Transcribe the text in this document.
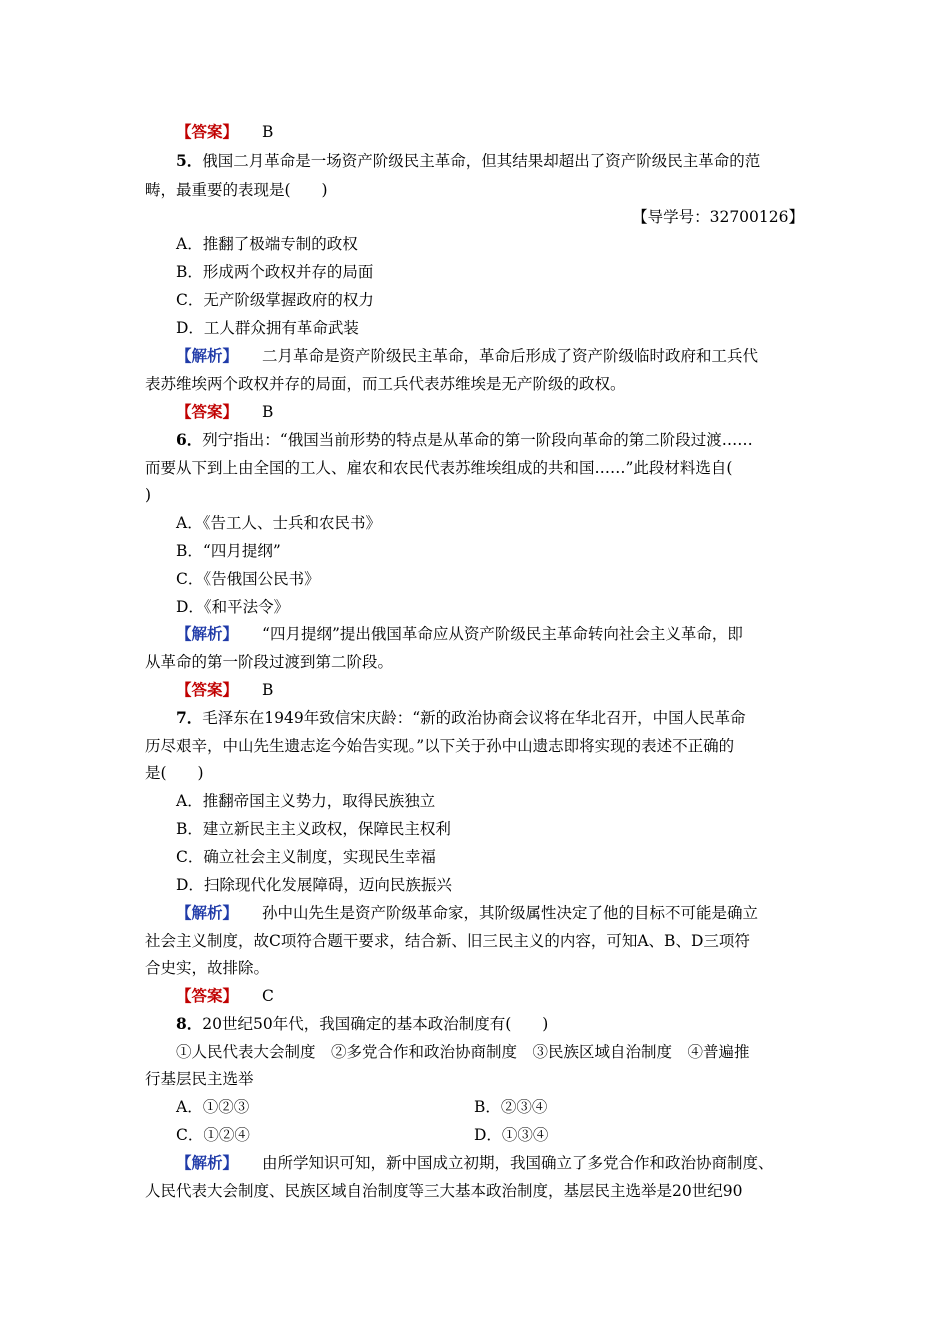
【答案】 B
5．俄国二月革命是一场资产阶级民主革命，但其结果却超出了资产阶级民主革命的范
畴，最重要的表现是(　　)
【导学号：32700126】
A．推翻了极端专制的政权
B．形成两个政权并存的局面
C．无产阶级掌握政府的权力
D．工人群众拥有革命武装
【解析】 二月革命是资产阶级民主革命，革命后形成了资产阶级临时政府和工兵代
表苏维埃两个政权并存的局面，而工兵代表苏维埃是无产阶级的政权。
【答案】 B
6．列宁指出：“俄国当前形势的特点是从革命的第一阶段向革命的第二阶段过渡……
而要从下到上由全国的工人、雇农和农民代表苏维埃组成的共和国……”此段材料选自(
)
A．《告工人、士兵和农民书》
B．“四月提纲”
C．《告俄国公民书》
D．《和平法令》
【解析】 “四月提纲”提出俄国革命应从资产阶级民主革命转向社会主义革命，即
从革命的第一阶段过渡到第二阶段。
【答案】 B
7．毛泽东在1949年致信宋庆龄：“新的政治协商会议将在华北召开，中国人民革命
历尽艰辛，中山先生遗志迄今始告实现。”以下关于孙中山遗志即将实现的表述不正确的
是(　　)
A．推翻帝国主义势力，取得民族独立
B．建立新民主主义政权，保障民主权利
C．确立社会主义制度，实现民生幸福
D．扫除现代化发展障碍，迈向民族振兴
【解析】 孙中山先生是资产阶级革命家，其阶级属性决定了他的目标不可能是确立
社会主义制度，故C项符合题干要求，结合新、旧三民主义的内容，可知A、B、D三项符
合史实，故排除。
【答案】 C
8．20世纪50年代，我国确定的基本政治制度有(　　)
①人民代表大会制度　②多党合作和政治协商制度　③民族区域自治制度　④普遍推
行基层民主选举
A．①②③	B．②③④
C．①②④	D．①③④
【解析】 由所学知识可知，新中国成立初期，我国确立了多党合作和政治协商制度、
人民代表大会制度、民族区域自治制度等三大基本政治制度，基层民主选举是20世纪90
